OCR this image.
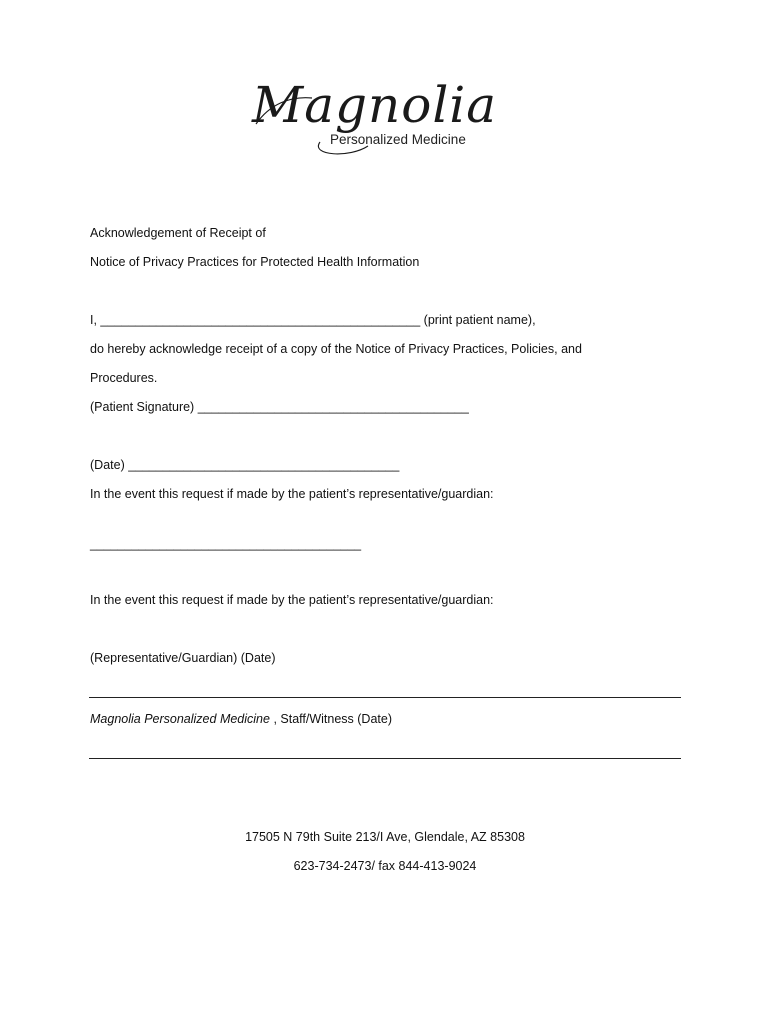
Magnolia
Personalized Medicine
Acknowledgement of Receipt of
Notice of Privacy Practices for Protected Health Information
I, ______________________________________________ (print patient name),
do hereby acknowledge receipt of a copy of the Notice of Privacy Practices, Policies, and
Procedures.
(Patient Signature) _______________________________________
(Date) _______________________________________
In the event this request if made by the patient’s representative/guardian:
_______________________________________
In the event this request if made by the patient’s representative/guardian:
(Representative/Guardian) (Date)
Magnolia Personalized Medicine , Staff/Witness (Date)
17505 N 79th Suite 213/I Ave, Glendale, AZ 85308
623-734-2473/ fax 844-413-9024
